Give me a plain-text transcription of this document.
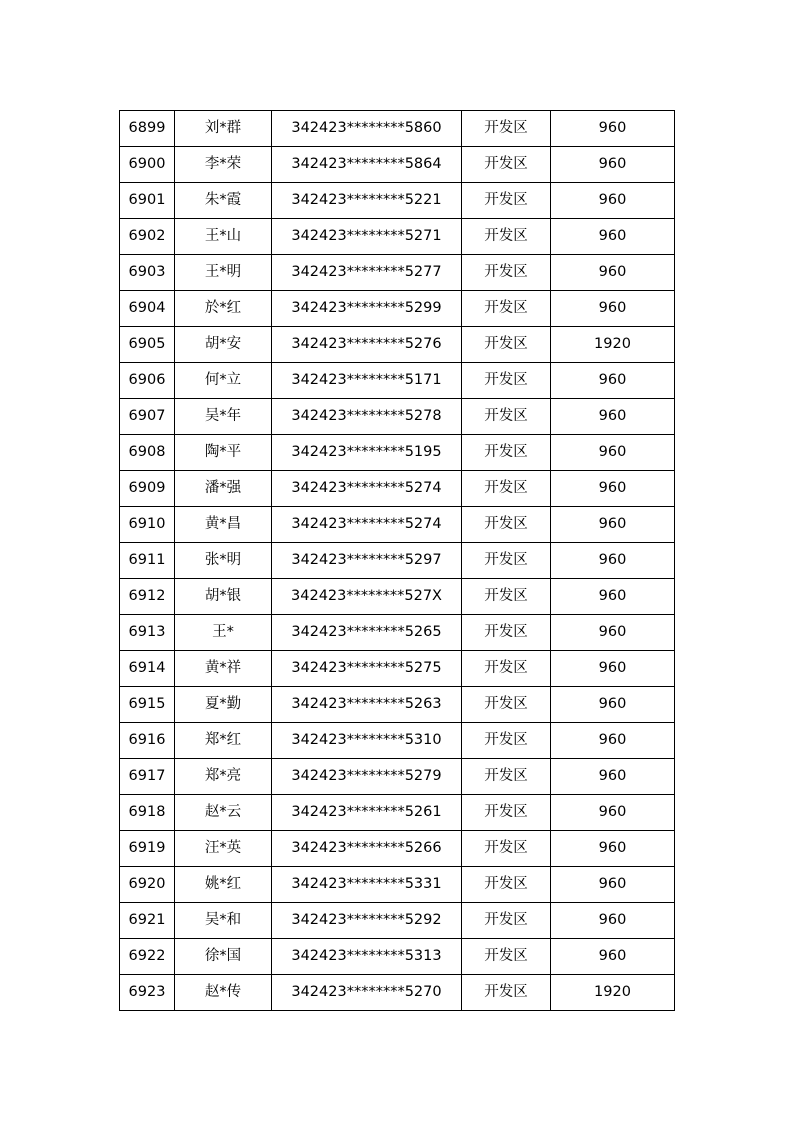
6899	刘*群	342423********5860	开发区	960
6900	李*荣	342423********5864	开发区	960
6901	朱*霞	342423********5221	开发区	960
6902	王*山	342423********5271	开发区	960
6903	王*明	342423********5277	开发区	960
6904	於*红	342423********5299	开发区	960
6905	胡*安	342423********5276	开发区	1920
6906	何*立	342423********5171	开发区	960
6907	吴*年	342423********5278	开发区	960
6908	陶*平	342423********5195	开发区	960
6909	潘*强	342423********5274	开发区	960
6910	黄*昌	342423********5274	开发区	960
6911	张*明	342423********5297	开发区	960
6912	胡*银	342423********527X	开发区	960
6913	王*	342423********5265	开发区	960
6914	黄*祥	342423********5275	开发区	960
6915	夏*勤	342423********5263	开发区	960
6916	郑*红	342423********5310	开发区	960
6917	郑*亮	342423********5279	开发区	960
6918	赵*云	342423********5261	开发区	960
6919	汪*英	342423********5266	开发区	960
6920	姚*红	342423********5331	开发区	960
6921	吴*和	342423********5292	开发区	960
6922	徐*国	342423********5313	开发区	960
6923	赵*传	342423********5270	开发区	1920
